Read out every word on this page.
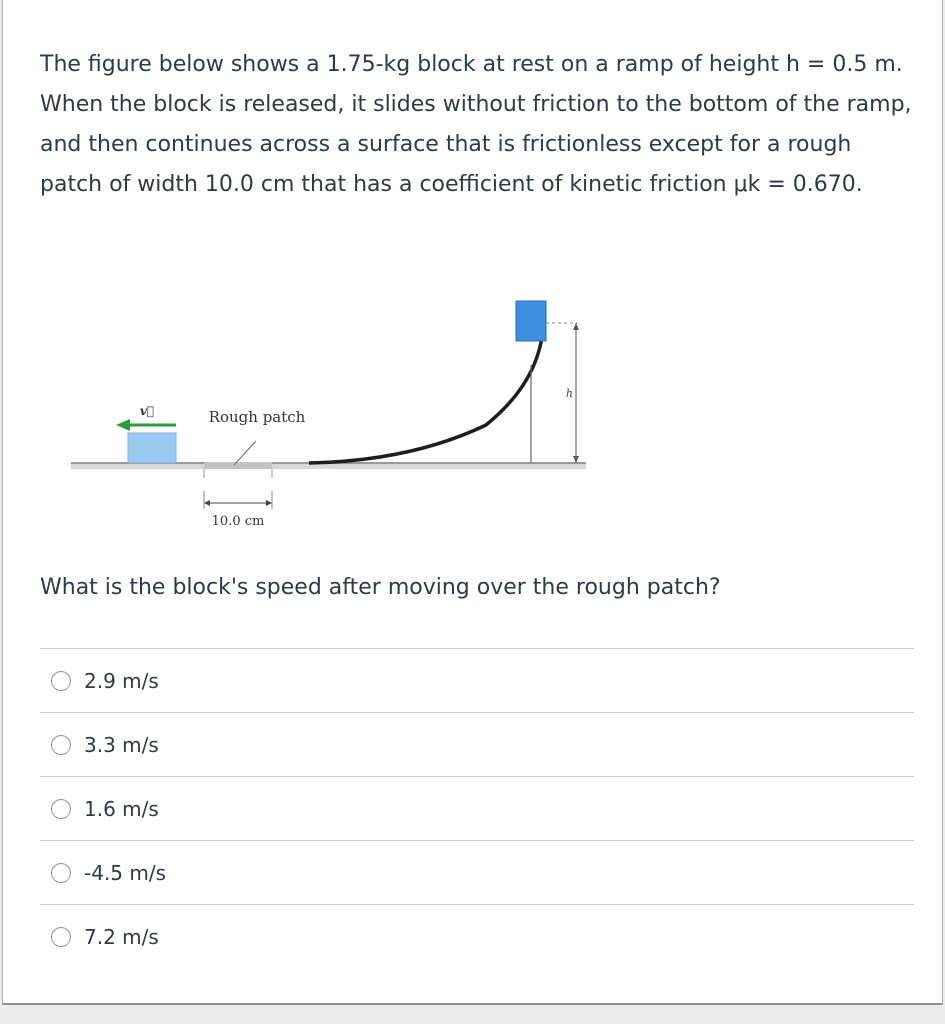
The figure below shows a 1.75-kg block at rest on a ramp of height h = 0.5 m. When the block is released, it slides without friction to the bottom of the ramp, and then continues across a surface that is frictionless except for a rough patch of width 10.0 cm that has a coefficient of kinetic friction μk = 0.670.

10.0 cm
Rough patch
h
v⃗

What is the block's speed after moving over the rough patch?

2.9 m/s
3.3 m/s
1.6 m/s
-4.5 m/s
7.2 m/s
